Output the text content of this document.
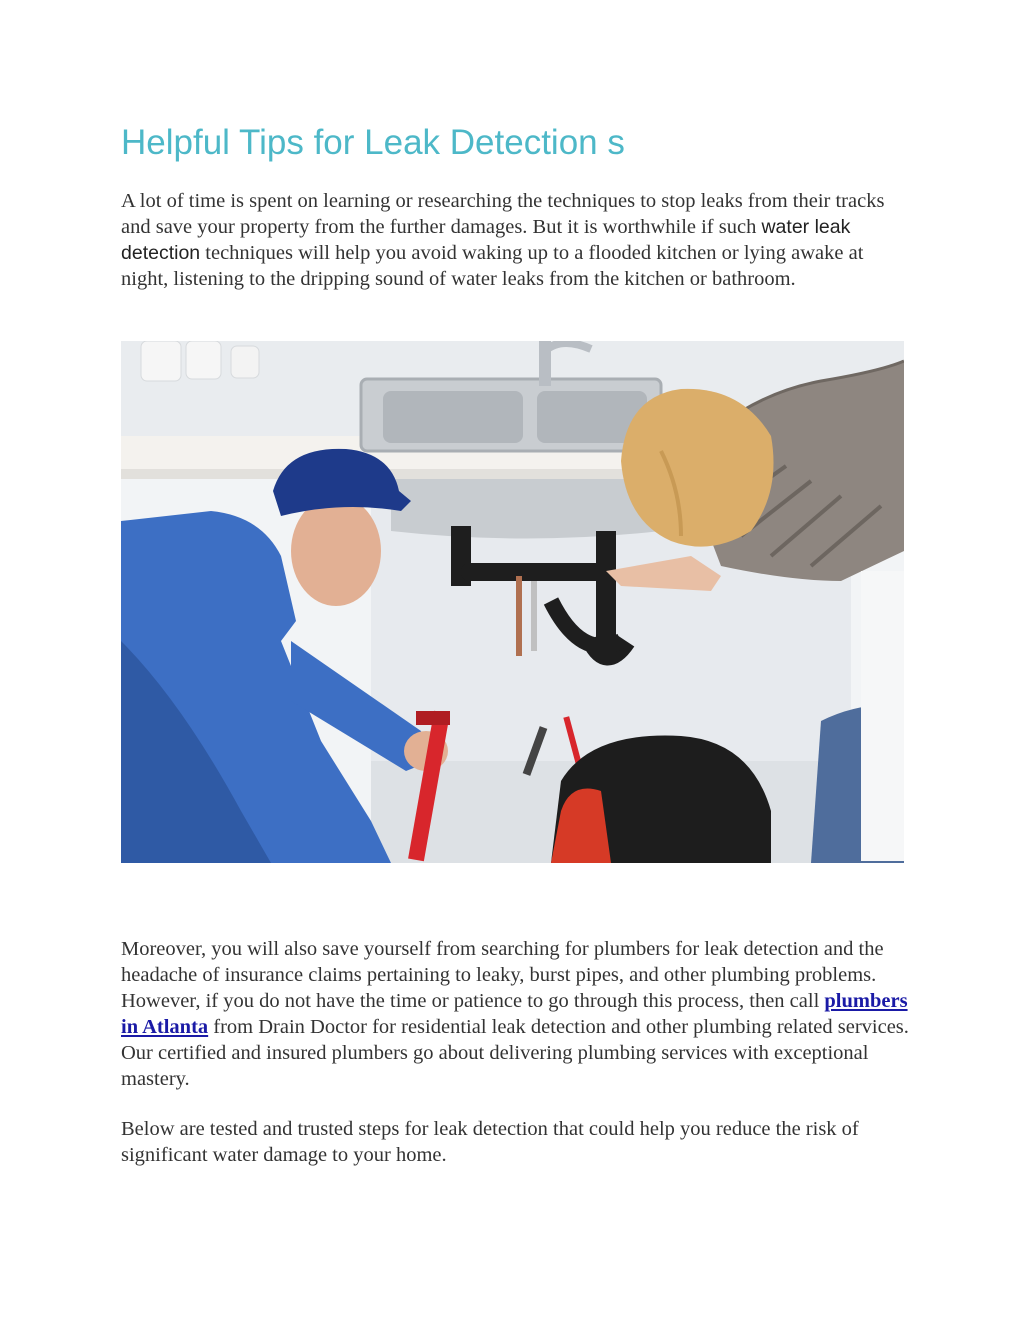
Helpful Tips for Leak Detection s

A lot of time is spent on learning or researching the techniques to stop leaks from their tracks and save your property from the further damages. But it is worthwhile if such water leak detection techniques will help you avoid waking up to a flooded kitchen or lying awake at night, listening to the dripping sound of water leaks from the kitchen or bathroom.

Moreover, you will also save yourself from searching for plumbers for leak detection and the headache of insurance claims pertaining to leaky, burst pipes, and other plumbing problems. However, if you do not have the time or patience to go through this process, then call plumbers in Atlanta from Drain Doctor for residential leak detection and other plumbing related services. Our certified and insured plumbers go about delivering plumbing services with exceptional mastery.

Below are tested and trusted steps for leak detection that could help you reduce the risk of significant water damage to your home.
